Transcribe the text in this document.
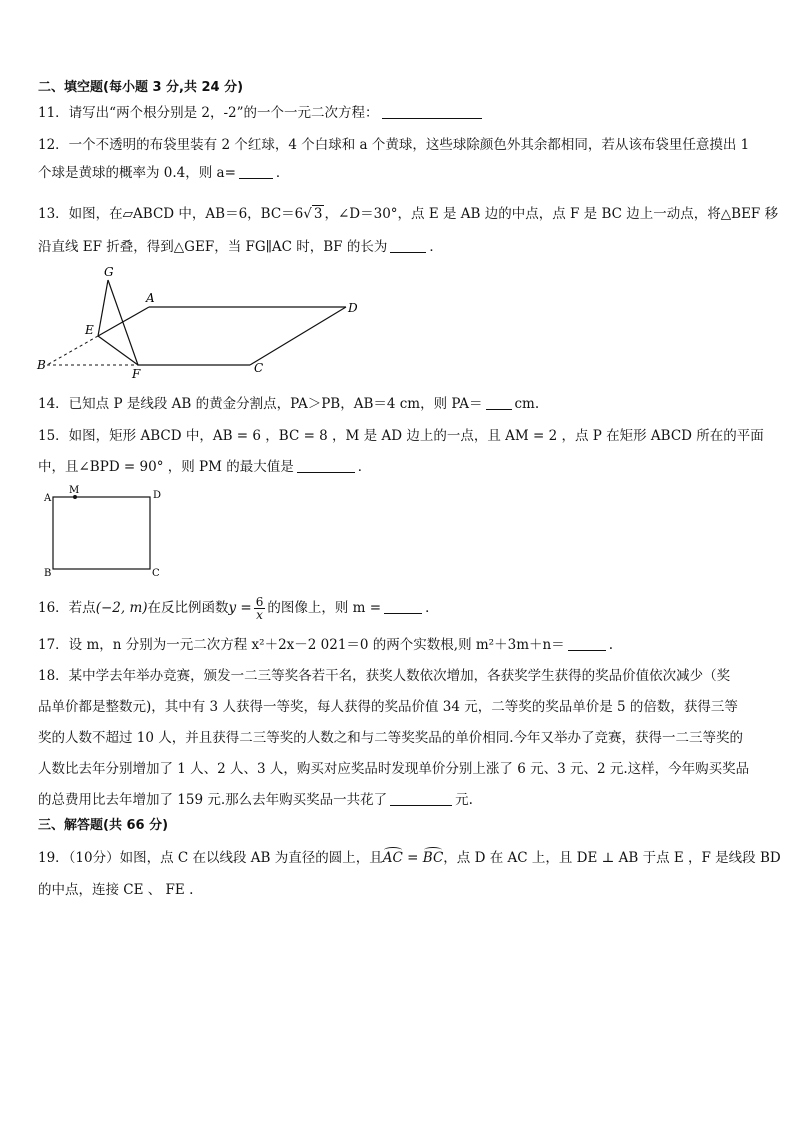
二、填空题(每小题 3 分,共 24 分)
11．请写出“两个根分别是 2，-2”的一个一元二次方程：
12．一个不透明的布袋里装有 2 个红球，4 个白球和 a 个黄球，这些球除颜色外其余都相同，若从该布袋里任意摸出 1
个球是黄球的概率为 0.4，则 a=	．
13．如图，在▱ABCD 中，AB＝6，BC＝6√ 3 ，∠D＝30°，点 E 是 AB 边的中点，点 F 是 BC 边上一动点，将△BEF 移
沿直线 EF 折叠，得到△GEF，当 FG∥AC 时，BF 的长为	．
G
A
D
E
B
F	C
14．已知点 P 是线段 AB 的黄金分割点，PA＞PB，AB＝4 cm，则 PA＝ cm.
15．如图，矩形 ABCD 中，AB = 6 ，BC = 8 ，M 是 AD 边上的一点，且 AM = 2 ，点 P 在矩形 ABCD 所在的平面
中，且∠BPD = 90° ，则 PM 的最大值是	．
A
M	D
B	C
16．若点(−2, m)在反比例函数$y = \frac{6}{x}$ 的图像上，则 m =	．
17．设 m，n 分别为一元二次方程 x²＋2x－2 021＝0 的两个实数根,则 m²＋3m＋n＝	.
18．某中学去年举办竞赛，颁发一二三等奖各若干名，获奖人数依次增加，各获奖学生获得的奖品价值依次减少（奖
品单价都是整数元)，其中有 3 人获得一等奖，每人获得的奖品价值 34 元，二等奖的奖品单价是 5 的倍数，获得三等
奖的人数不超过 10 人，并且获得二三等奖的人数之和与二等奖奖品的单价相同.今年又举办了竞赛，获得一二三等奖的
人数比去年分别增加了 1 人、2 人、3 人，购买对应奖品时发现单价分别上涨了 6 元、3 元、2 元.这样，今年购买奖品
的总费用比去年增加了 159 元.那么去年购买奖品一共花了	元.
三、解答题(共 66 分)
19．（10分）如图，点 C 在以线段 AB 为直径的圆上，且AC = BC，点 D 在 AC 上，且 DE ⊥ AB 于点 E ，F 是线段 BD
的中点，连接 CE 、 FE .
